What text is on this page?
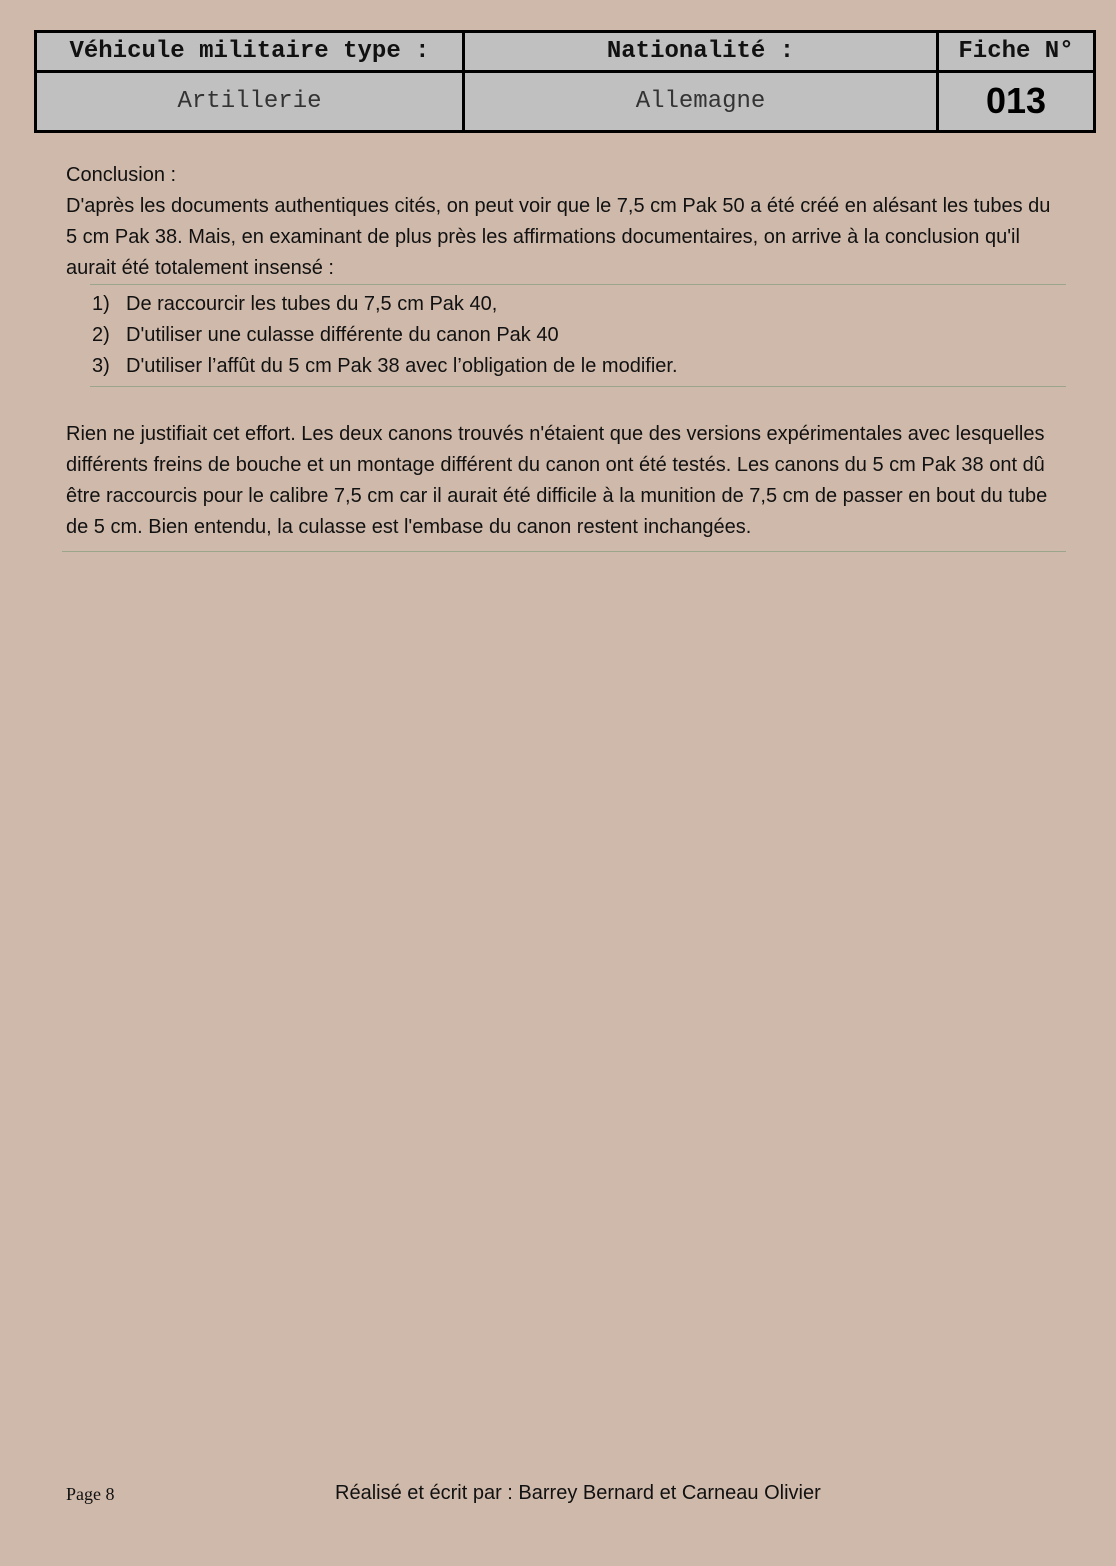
Véhicule militaire type :	Nationalité :	Fiche N°
Artillerie	Allemagne	013

Conclusion :

D'après les documents authentiques cités, on peut voir que le 7,5 cm Pak 50 a été créé en alésant les tubes du 5 cm Pak 38. Mais, en examinant de plus près les affirmations documentaires, on arrive à la conclusion qu'il aurait été totalement insensé :

1) De raccourcir les tubes du 7,5 cm Pak 40,
2) D'utiliser une culasse différente du canon Pak 40
3) D'utiliser l’affût du 5 cm Pak 38 avec l’obligation de le modifier.

Rien ne justifiait cet effort. Les deux canons trouvés n'étaient que des versions expérimentales avec lesquelles différents freins de bouche et un montage différent du canon ont été testés. Les canons du 5 cm Pak 38 ont dû être raccourcis pour le calibre 7,5 cm car il aurait été difficile à la munition de 7,5 cm de passer en bout du tube de 5 cm. Bien entendu, la culasse est l'embase du canon restent inchangées.

Page 8	Réalisé et écrit par : Barrey Bernard et Carneau Olivier
